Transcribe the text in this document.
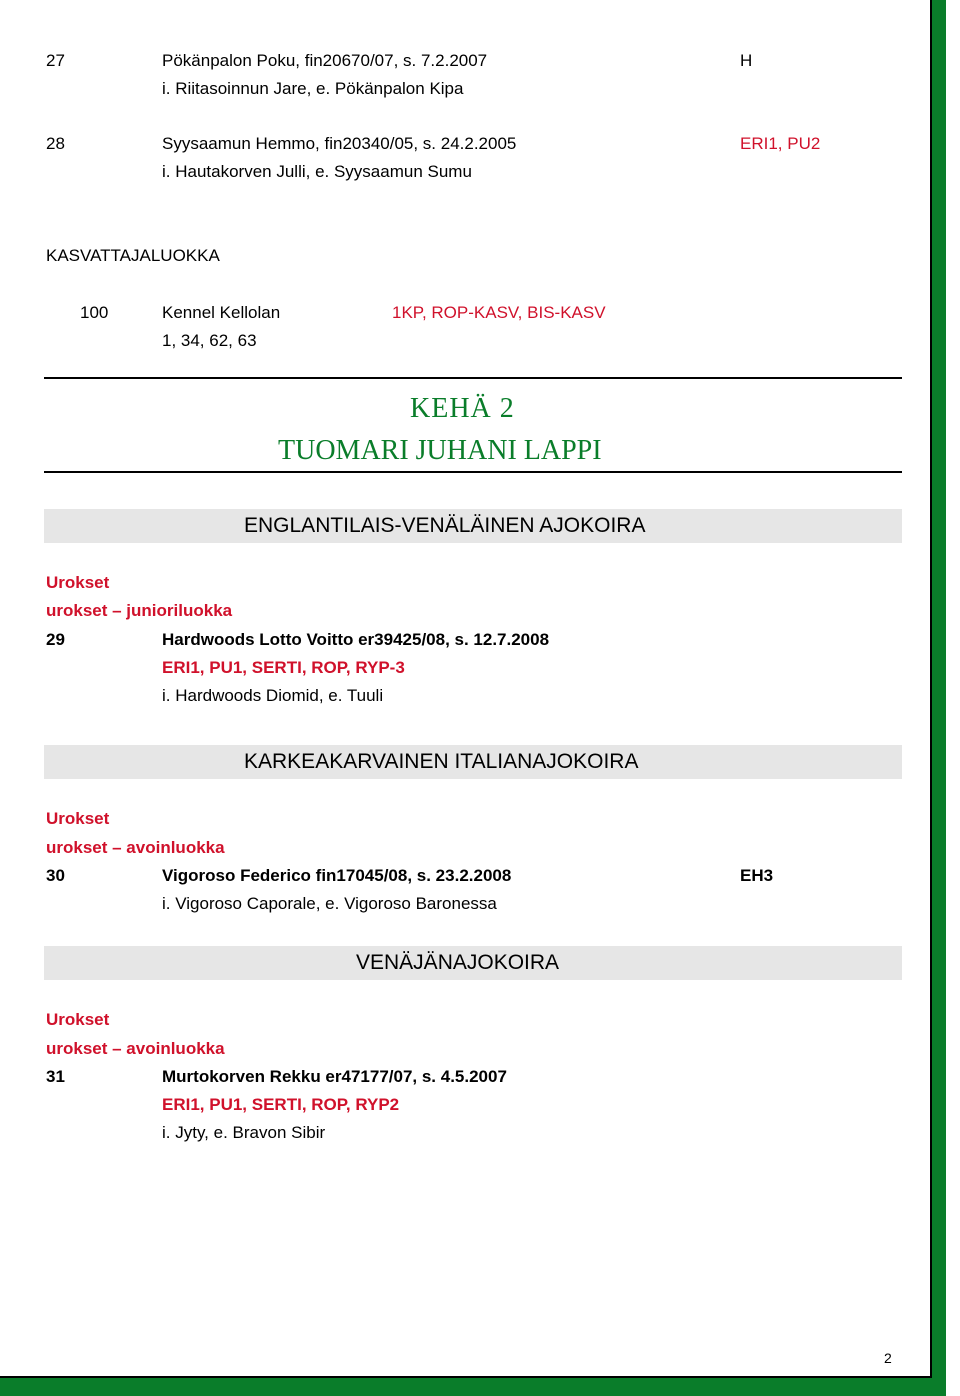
27	Pökänpalon Poku, fin20670/07, s. 7.2.2007	H
i. Riitasoinnun Jare, e. Pökänpalon Kipa
28	Syysaamun Hemmo, fin20340/05, s. 24.2.2005	ERI1, PU2
i. Hautakorven Julli, e. Syysaamun Sumu
KASVATTAJALUOKKA
100	Kennel Kellolan	1KP, ROP-KASV, BIS-KASV
1, 34, 62, 63
KEHÄ 2
TUOMARI JUHANI LAPPI
ENGLANTILAIS-VENÄLÄINEN AJOKOIRA
Urokset
urokset – junioriluokka
29	Hardwoods Lotto Voitto er39425/08, s. 12.7.2008
ERI1, PU1, SERTI, ROP, RYP-3
i. Hardwoods Diomid, e. Tuuli
KARKEAKARVAINEN ITALIANAJOKOIRA
Urokset
urokset – avoinluokka
30	Vigoroso Federico fin17045/08, s. 23.2.2008	EH3
i. Vigoroso Caporale, e. Vigoroso Baronessa
VENÄJÄNAJOKOIRA
Urokset
urokset – avoinluokka
31	Murtokorven Rekku er47177/07, s. 4.5.2007
ERI1, PU1, SERTI, ROP, RYP2
i. Jyty, e. Bravon Sibir
2
